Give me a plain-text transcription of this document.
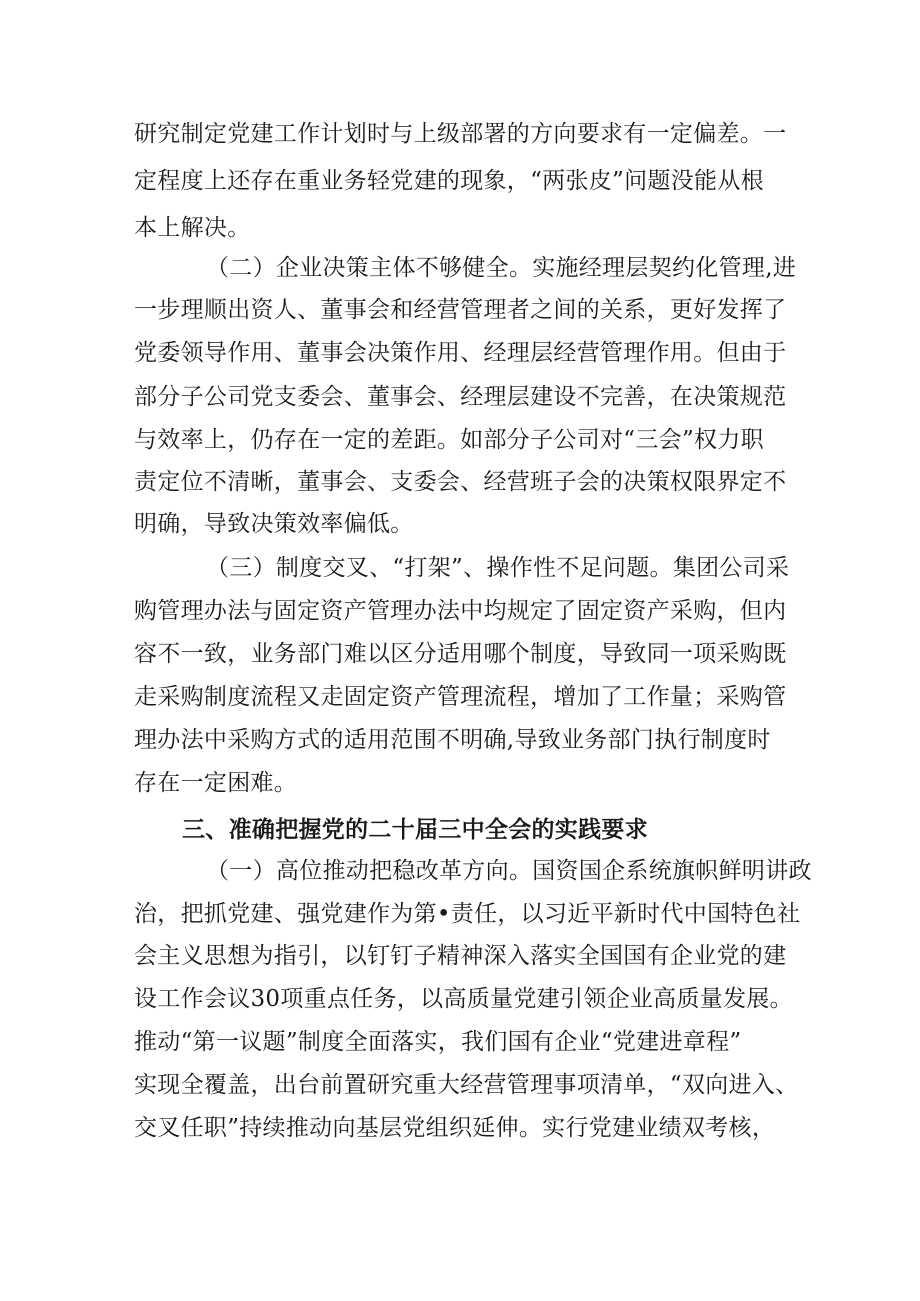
研究制定党建工作计划时与上级部署的方向要求有一定偏差。一
定程度上还存在重业务轻党建的现象，“两张皮”问题没能从根
本上解决。
（二）企业决策主体不够健全。实施经理层契约化管理,进
一步理顺出资人、董事会和经营管理者之间的关系，更好发挥了
党委领导作用、董事会决策作用、经理层经营管理作用。但由于
部分子公司党支委会、董事会、经理层建设不完善，在决策规范
与效率上，仍存在一定的差距。如部分子公司对“三会”权力职
责定位不清晰，董事会、支委会、经营班子会的决策权限界定不
明确，导致决策效率偏低。
（三）制度交叉、“打架”、操作性不足问题。集团公司采
购管理办法与固定资产管理办法中均规定了固定资产采购，但内
容不一致，业务部门难以区分适用哪个制度，导致同一项采购既
走采购制度流程又走固定资产管理流程，增加了工作量；采购管
理办法中采购方式的适用范围不明确,导致业务部门执行制度时
存在一定困难。
三、准确把握党的二十届三中全会的实践要求
（一）高位推动把稳改革方向。国资国企系统旗帜鲜明讲政
治，把抓党建、强党建作为第•责任，以习近平新时代中国特色社
会主义思想为指引，以钉钉子精神深入落实全国国有企业党的建
设工作会议30项重点任务，以高质量党建引领企业高质量发展。
推动“第一议题”制度全面落实，我们国有企业“党建进章程”
实现全覆盖，出台前置研究重大经营管理事项清单，“双向进入、
交叉任职”持续推动向基层党组织延伸。实行党建业绩双考核，
